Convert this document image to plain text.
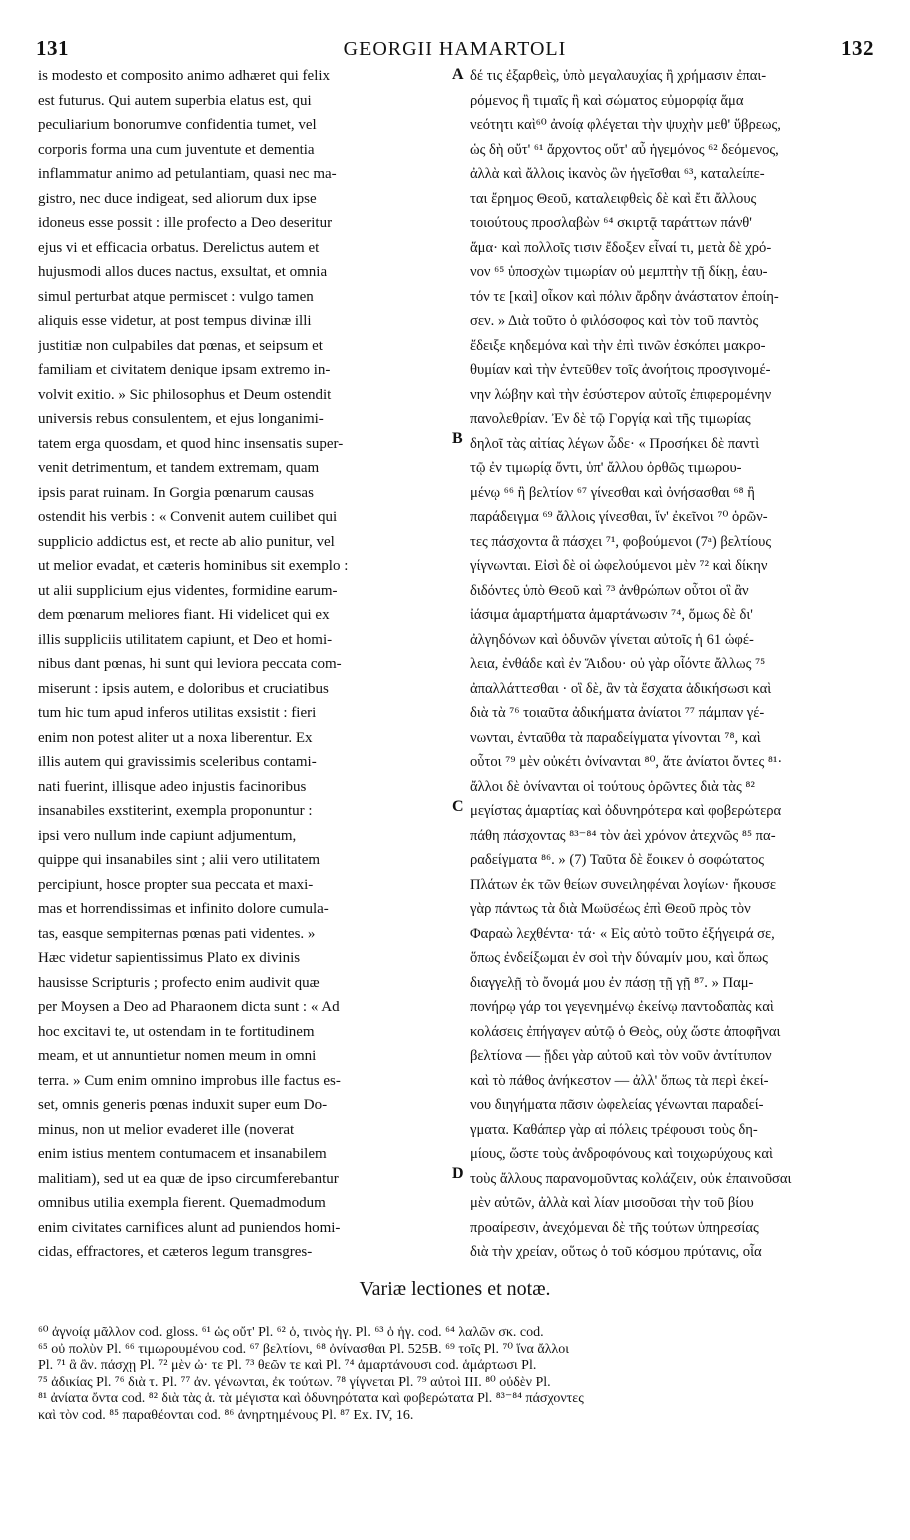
131	GEORGII HAMARTOLI	132
is modesto et composito animo adhæret qui felix
est futurus. Qui autem superbia elatus est, qui
peculiarium bonorumve confidentia tumet, vel
corporis forma una cum juventute et dementia
inflammatur animo ad petulantiam, quasi nec ma-
gistro, nec duce indigeat, sed aliorum dux ipse
idoneus esse possit : ille profecto a Deo deseritur
ejus vi et efficacia orbatus. Derelictus autem et
hujusmodi allos duces nactus, exsultat, et omnia
simul perturbat atque permiscet : vulgo tamen
aliquis esse videtur, at post tempus divinæ illi
justitiæ non culpabiles dat pœnas, et seipsum et
familiam et civitatem denique ipsam extremo in-
volvit exitio. » Sic philosophus et Deum ostendit
universis rebus consulentem, et ejus longanimi-
tatem erga quosdam, et quod hinc insensatis super-
venit detrimentum, et tandem extremam, quam
ipsis parat ruinam. In Gorgia pœnarum causas
ostendit his verbis : « Convenit autem cuilibet qui
supplicio addictus est, et recte ab alio punitur, vel
ut melior evadat, et cæteris hominibus sit exemplo :
ut alii supplicium ejus videntes, formidine earum-
dem pœnarum meliores fiant. Hi videlicet qui ex
illis suppliciis utilitatem capiunt, et Deo et homi-
nibus dant pœnas, hi sunt qui leviora peccata com-
miserunt : ipsis autem, e doloribus et cruciatibus
tum hic tum apud inferos utilitas exsistit : fieri
enim non potest aliter ut a noxa liberentur. Ex
illis autem qui gravissimis sceleribus contami-
nati fuerint, illisque adeo injustis facinoribus
insanabiles exstiterint, exempla proponuntur :
ipsi vero nullum inde capiunt adjumentum,
quippe qui insanabiles sint ; alii vero utilitatem
percipiunt, hosce propter sua peccata et maxi-
mas et horrendissimas et infinito dolore cumula-
tas, easque sempiternas pœnas pati videntes. »
Hæc videtur sapientissimus Plato ex divinis
hausisse Scripturis ; profecto enim audivit quæ
per Moysen a Deo ad Pharaonem dicta sunt : « Ad
hoc excitavi te, ut ostendam in te fortitudinem
meam, et ut annuntietur nomen meum in omni
terra. » Cum enim omnino improbus ille factus es-
set, omnis generis pœnas induxit super eum Do-
minus, non ut melior evaderet ille (noverat
enim istius mentem contumacem et insanabilem
malitiam), sed ut ea quæ de ipso circumferebantur
omnibus utilia exempla fierent. Quemadmodum
enim civitates carnifices alunt ad puniendos homi-
cidas, effractores, et cæteros legum transgres-
δέ τις ἐξαρθεὶς, ὑπὸ μεγαλαυχίας ἢ χρήμασιν ἐπαι-
ρόμενος ἢ τιμαῖς ἢ καὶ σώματος εὐμορφίᾳ ἅμα
νεότητι καὶ⁶⁰ ἀνοίᾳ φλέγεται τὴν ψυχὴν μεθ' ὕβρεως,
ὡς δὴ οὔτ' ⁶¹ ἄρχοντος οὔτ' αὖ ἡγεμόνος ⁶² δεόμενος,
ἀλλὰ καὶ ἄλλοις ἱκανὸς ὢν ἡγεῖσθαι ⁶³, καταλείπε-
ται ἔρημος Θεοῦ, καταλειφθεὶς δὲ καὶ ἔτι ἄλλους
τοιούτους προσλαβὼν ⁶⁴ σκιρτᾷ ταράττων πάνθ'
ἅμα· καὶ πολλοῖς τισιν ἔδοξεν εἶναί τι, μετὰ δὲ χρό-
νον ⁶⁵ ὑποσχὼν τιμωρίαν οὐ μεμπτὴν τῇ δίκῃ, ἑαυ-
τόν τε [καὶ] οἶκον καὶ πόλιν ἄρδην ἀνάστατον ἐποίη-
σεν. » Διὰ τοῦτο ὁ φιλόσοφος καὶ τὸν τοῦ παντὸς
ἔδειξε κηδεμόνα καὶ τὴν ἐπὶ τινῶν ἐσκόπει μακρο-
θυμίαν καὶ τὴν ἐντεῦθεν τοῖς ἀνοήτοις προσγινομέ-
νην λώβην καὶ τὴν ἐσύστερον αὐτοῖς ἐπιφερομένην
πανολεθρίαν. Ἐν δὲ τῷ Γοργίᾳ καὶ τῆς τιμωρίας
δηλοῖ τὰς αἰτίας λέγων ὧδε· « Προσήκει δὲ παντὶ
τῷ ἐν τιμωρίᾳ ὄντι, ὑπ' ἄλλου ὀρθῶς τιμωρου-
μένῳ ⁶⁶ ἢ βελτίον ⁶⁷ γίνεσθαι καὶ ὀνήσασθαι ⁶⁸ ἢ
παράδειγμα ⁶⁹ ἄλλοις γίνεσθαι, ἵν' ἐκεῖνοι ⁷⁰ ὁρῶν-
τες πάσχοντα ἃ πάσχει ⁷¹, φοβούμενοι (7ᵃ) βελτίους
γίγνωνται. Εἰσὶ δὲ οἱ ὠφελούμενοι μὲν ⁷² καὶ δίκην
διδόντες ὑπὸ Θεοῦ καὶ ⁷³ ἀνθρώπων οὗτοι οἳ ἂν
ἰάσιμα ἁμαρτήματα ἁμαρτάνωσιν ⁷⁴, ὅμως δὲ δι'
ἀλγηδόνων καὶ ὀδυνῶν γίνεται αὐτοῖς ἡ 61 ὠφέ-
λεια, ἐνθάδε καὶ ἐν Ἅιδου· οὐ γὰρ οἷόντε ἄλλως ⁷⁵
ἀπαλλάττεσθαι · οἳ δὲ, ἂν τὰ ἔσχατα ἀδικήσωσι καὶ
διὰ τὰ ⁷⁶ τοιαῦτα ἀδικήματα ἀνίατοι ⁷⁷ πάμπαν γέ-
νωνται, ἐνταῦθα τὰ παραδείγματα γίνονται ⁷⁸, καὶ
οὗτοι ⁷⁹ μὲν οὐκέτι ὀνίνανται ⁸⁰, ἅτε ἀνίατοι ὄντες ⁸¹·
ἄλλοι δὲ ὀνίνανται οἱ τούτους ὁρῶντες διὰ τὰς ⁸²
μεγίστας ἁμαρτίας καὶ ὀδυνηρότερα καὶ φοβερώτερα
πάθη πάσχοντας ⁸³⁻⁸⁴ τὸν ἀεὶ χρόνον ἀτεχνῶς ⁸⁵ πα-
ραδείγματα ⁸⁶. » (7) Ταῦτα δὲ ἔοικεν ὁ σοφώτατος
Πλάτων ἐκ τῶν θείων συνειληφέναι λογίων· ἤκουσε
γὰρ πάντως τὰ διὰ Μωϋσέως ἐπὶ Θεοῦ πρὸς τὸν
Φαραὼ λεχθέντα· τά· « Εἰς αὐτὸ τοῦτο ἐξήγειρά σε,
ὅπως ἐνδείξωμαι ἐν σοὶ τὴν δύναμίν μου, καὶ ὅπως
διαγγελῇ τὸ ὄνομά μου ἐν πάσῃ τῇ γῇ ⁸⁷. » Παμ-
πονήρῳ γάρ τοι γεγενημένῳ ἐκείνῳ παντοδαπὰς καὶ
κολάσεις ἐπήγαγεν αὐτῷ ὁ Θεὸς, οὐχ ὥστε ἀποφῆναι
βελτίονα — ᾔδει γὰρ αὐτοῦ καὶ τὸν νοῦν ἀντίτυπον
καὶ τὸ πάθος ἀνήκεστον — ἀλλ' ὅπως τὰ περὶ ἐκεί-
νου διηγήματα πᾶσιν ὠφελείας γένωνται παραδεί-
γματα. Καθάπερ γὰρ αἱ πόλεις τρέφουσι τοὺς δη-
μίους, ὥστε τοὺς ἀνδροφόνους καὶ τοιχωρύχους καὶ
τοὺς ἄλλους παρανομοῦντας κολάζειν, οὐκ ἐπαινοῦσαι
μὲν αὐτῶν, ἀλλὰ καὶ λίαν μισοῦσαι τὴν τοῦ βίου
προαίρεσιν, ἀνεχόμεναι δὲ τῆς τούτων ὑπηρεσίας
διὰ τὴν χρείαν, οὕτως ὁ τοῦ κόσμου πρύτανις, οἷα
A
B
C
D
Variæ lectiones et notæ.
⁶⁰ ἀγνοίᾳ μᾶλλον cod. gloss. ⁶¹ ὡς οὔτ' Pl. ⁶² ὁ, τινὸς ἡγ. Pl. ⁶³ ὁ ἡγ. cod. ⁶⁴ λαλῶν σκ. cod.
⁶⁵ οὐ πολὺν Pl. ⁶⁶ τιμωρουμένου cod. ⁶⁷ βελτίονι, ⁶⁸ ὀνίνασθαι Pl. 525B. ⁶⁹ τοῖς Pl. ⁷⁰ ἵνα ἄλλοι
Pl. ⁷¹ ἃ ἂν. πάσχῃ Pl. ⁷² μὲν ὠ· τε Pl. ⁷³ θεῶν τε καὶ Pl. ⁷⁴ ἁμαρτάνουσι cod. ἁμάρτωσι Pl.
⁷⁵ ἀδικίας Pl. ⁷⁶ διὰ τ. Pl. ⁷⁷ ἀν. γένωνται, ἐκ τούτων. ⁷⁸ γίγνεται Pl. ⁷⁹ αὐτοὶ III. ⁸⁰ οὐδὲν Pl.
⁸¹ ἀνίατα ὄντα cod. ⁸² διὰ τὰς ἁ. τὰ μέγιστα καὶ ὀδυνηρότατα καὶ φοβερώτατα Pl. ⁸³⁻⁸⁴ πάσχοντες
καὶ τὸν cod. ⁸⁵ παραθέονται cod. ⁸⁶ ἀνηρτημένους Pl. ⁸⁷ Ex. IV, 16.
